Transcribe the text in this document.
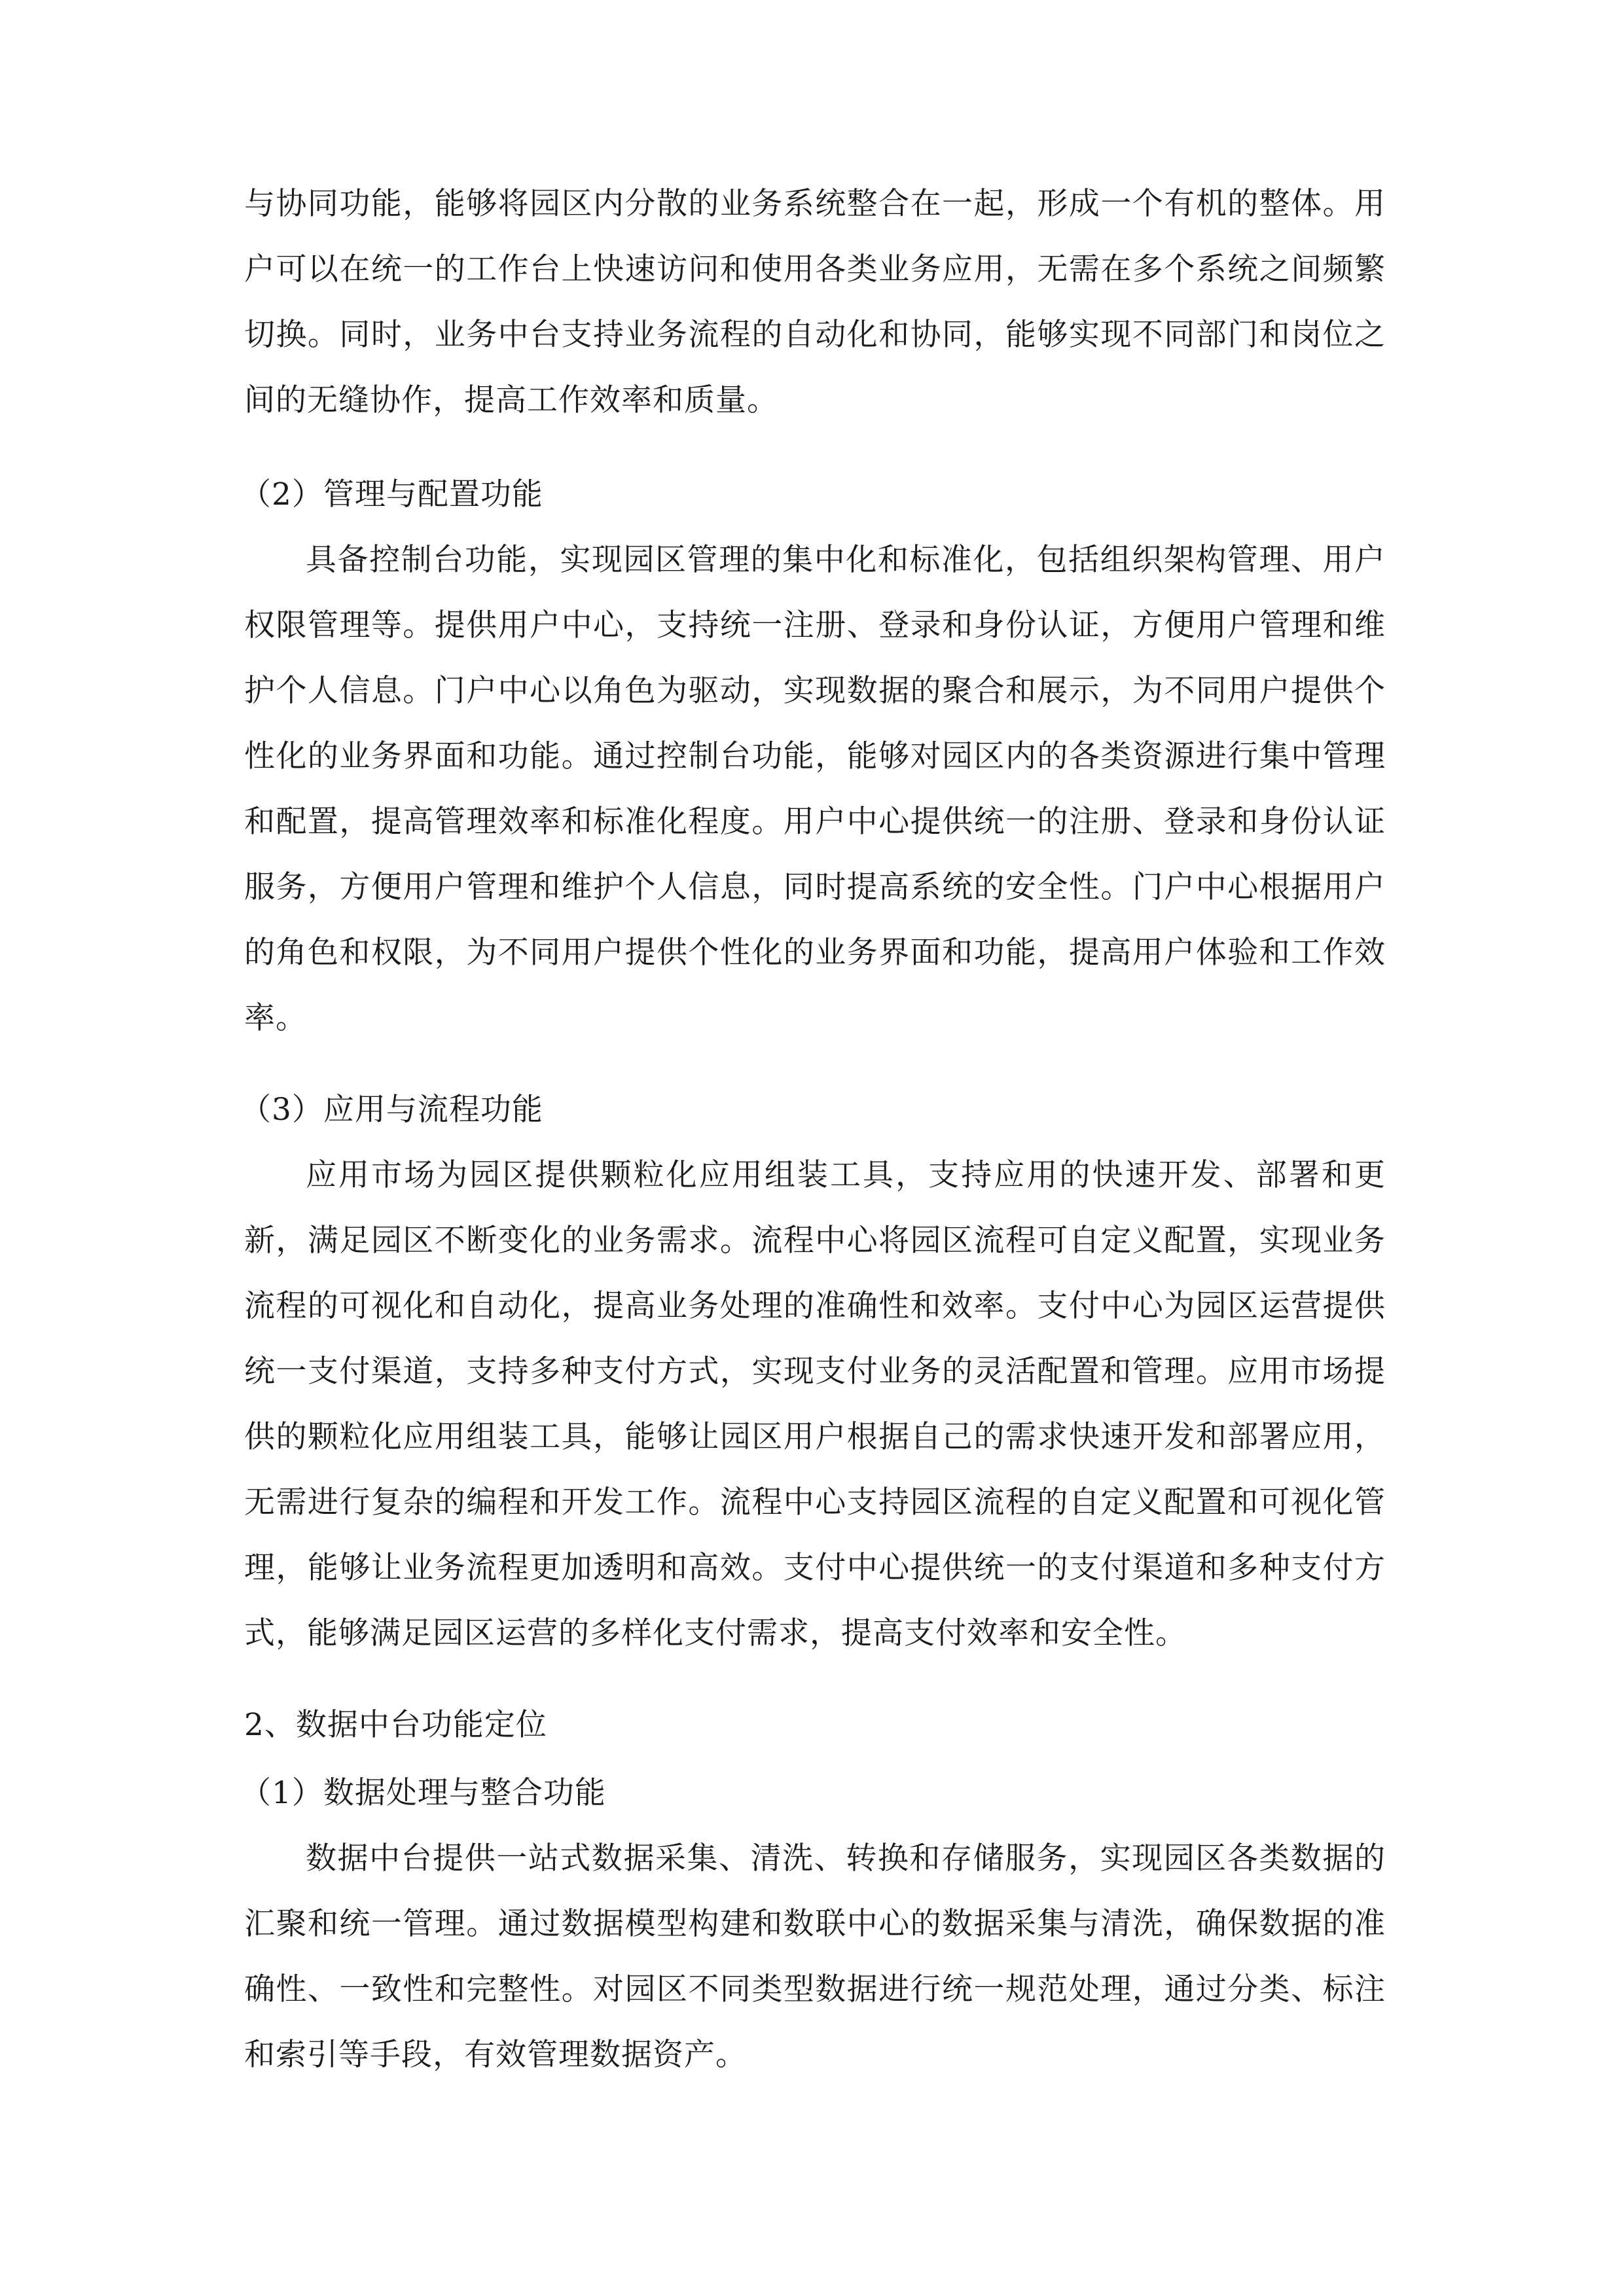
与协同功能，能够将园区内分散的业务系统整合在一起，形成一个有机的整体。用户可以在统一的工作台上快速访问和使用各类业务应用，无需在多个系统之间频繁切换。同时，业务中台支持业务流程的自动化和协同，能够实现不同部门和岗位之间的无缝协作，提高工作效率和质量。

（2）管理与配置功能

具备控制台功能，实现园区管理的集中化和标准化，包括组织架构管理、用户权限管理等。提供用户中心，支持统一注册、登录和身份认证，方便用户管理和维护个人信息。门户中心以角色为驱动，实现数据的聚合和展示，为不同用户提供个性化的业务界面和功能。通过控制台功能，能够对园区内的各类资源进行集中管理和配置，提高管理效率和标准化程度。用户中心提供统一的注册、登录和身份认证服务，方便用户管理和维护个人信息，同时提高系统的安全性。门户中心根据用户的角色和权限，为不同用户提供个性化的业务界面和功能，提高用户体验和工作效率。

（3）应用与流程功能

应用市场为园区提供颗粒化应用组装工具，支持应用的快速开发、部署和更新，满足园区不断变化的业务需求。流程中心将园区流程可自定义配置，实现业务流程的可视化和自动化，提高业务处理的准确性和效率。支付中心为园区运营提供统一支付渠道，支持多种支付方式，实现支付业务的灵活配置和管理。应用市场提供的颗粒化应用组装工具，能够让园区用户根据自己的需求快速开发和部署应用，无需进行复杂的编程和开发工作。流程中心支持园区流程的自定义配置和可视化管理，能够让业务流程更加透明和高效。支付中心提供统一的支付渠道和多种支付方式，能够满足园区运营的多样化支付需求，提高支付效率和安全性。

2、数据中台功能定位

（1）数据处理与整合功能

数据中台提供一站式数据采集、清洗、转换和存储服务，实现园区各类数据的汇聚和统一管理。通过数据模型构建和数联中心的数据采集与清洗，确保数据的准确性、一致性和完整性。对园区不同类型数据进行统一规范处理，通过分类、标注和索引等手段，有效管理数据资产。
